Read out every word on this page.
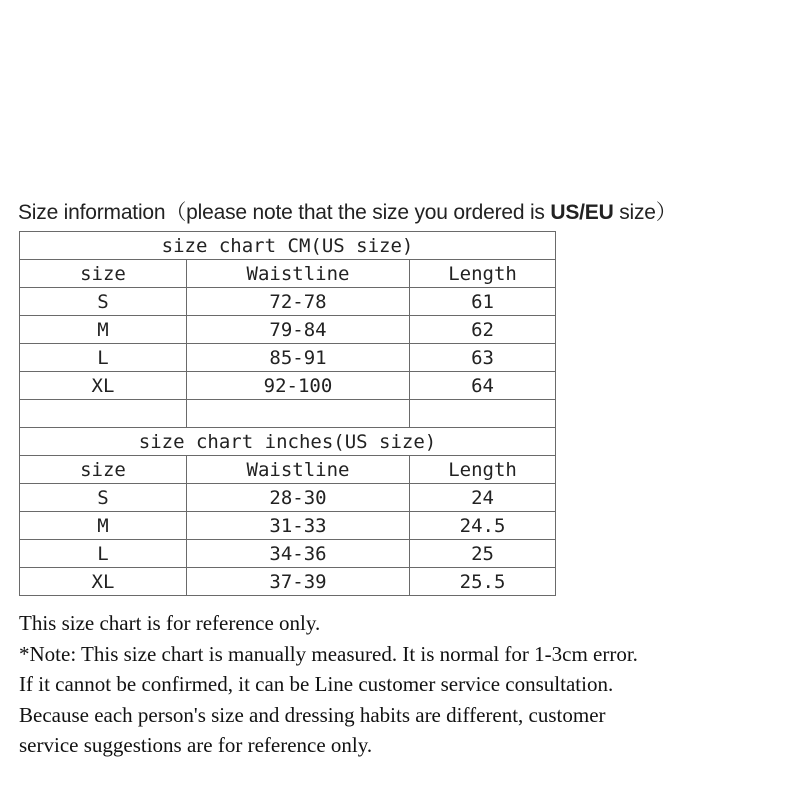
Size information（please note that the size you ordered is US/EU size）
size chart CM(US size)		
size	Waistline	Length
S	72-78	61
M	79-84	62
L	85-91	63
XL	92-100	64

size chart inches(US size)		
size	Waistline	Length
S	28-30	24
M	31-33	24.5
L	34-36	25
XL	37-39	25.5

This size chart is for reference only.

*Note: This size chart is manually measured. It is normal for 1-3cm error.

If it cannot be confirmed, it can be Line customer service consultation.

Because each person's size and dressing habits are different, customer

service suggestions are for reference only.
